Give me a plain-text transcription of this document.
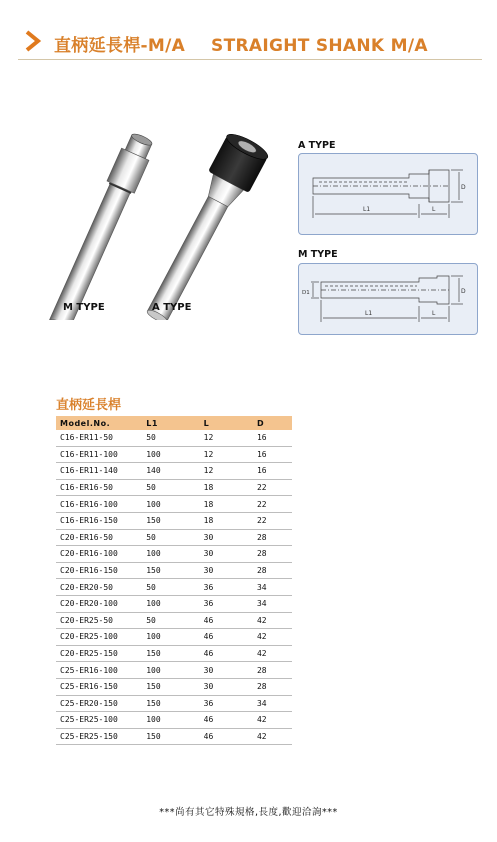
直柄延長桿-M/A STRAIGHT SHANK M/A
M TYPE	A TYPE
A TYPE
L1	L
D
M TYPE
D1
L1	L
D
直柄延長桿
Model.No.	L1	L	D
C16-ER11-50	50	12	16
C16-ER11-100	100	12	16
C16-ER11-140	140	12	16
C16-ER16-50	50	18	22
C16-ER16-100	100	18	22
C16-ER16-150	150	18	22
C20-ER16-50	50	30	28
C20-ER16-100	100	30	28
C20-ER16-150	150	30	28
C20-ER20-50	50	36	34
C20-ER20-100	100	36	34
C20-ER25-50	50	46	42
C20-ER25-100	100	46	42
C20-ER25-150	150	46	42
C25-ER16-100	100	30	28
C25-ER16-150	150	30	28
C25-ER20-150	150	36	34
C25-ER25-100	100	46	42
C25-ER25-150	150	46	42
***尚有其它特殊規格,長度,歡迎洽詢***
